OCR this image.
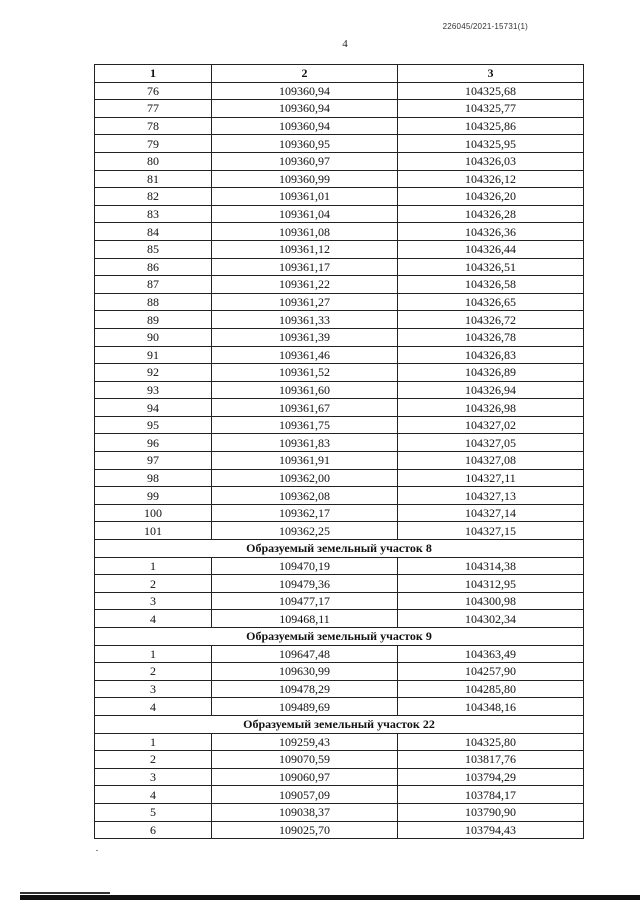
226045/2021-15731(1)
4
1	2	3
76	109360,94	104325,68
77	109360,94	104325,77
78	109360,94	104325,86
79	109360,95	104325,95
80	109360,97	104326,03
81	109360,99	104326,12
82	109361,01	104326,20
83	109361,04	104326,28
84	109361,08	104326,36
85	109361,12	104326,44
86	109361,17	104326,51
87	109361,22	104326,58
88	109361,27	104326,65
89	109361,33	104326,72
90	109361,39	104326,78
91	109361,46	104326,83
92	109361,52	104326,89
93	109361,60	104326,94
94	109361,67	104326,98
95	109361,75	104327,02
96	109361,83	104327,05
97	109361,91	104327,08
98	109362,00	104327,11
99	109362,08	104327,13
100	109362,17	104327,14
101	109362,25	104327,15
Образуемый земельный участок 8		
1	109470,19	104314,38
2	109479,36	104312,95
3	109477,17	104300,98
4	109468,11	104302,34
Образуемый земельный участок 9		
1	109647,48	104363,49
2	109630,99	104257,90
3	109478,29	104285,80
4	109489,69	104348,16
Образуемый земельный участок 22		
1	109259,43	104325,80
2	109070,59	103817,76
3	109060,97	103794,29
4	109057,09	103784,17
5	109038,37	103790,90
6	109025,70	103794,43
